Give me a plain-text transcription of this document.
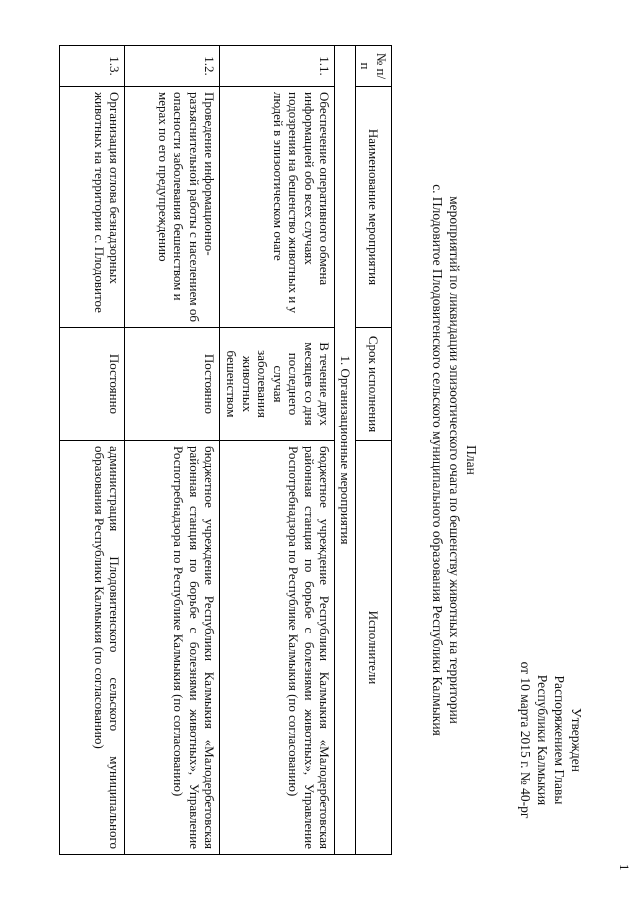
Утвержден
Распоряжением Главы
Республики Калмыкия
от 10 марта 2015 г. № 40-рг
План
мероприятий по ликвидации эпизоотического очага по бешенству животных на территории
с. Плодовитое Плодовитенского сельского муниципального образования Республики Калмыкия
№ п/п	Наименование мероприятия	Срок исполнения	Исполнители
1. Организационные мероприятия			
1.1.	Обеспечение оперативного обмена информацией обо всех случаях подозрения на бешенство животных и у людей в эпизоотическом очаге	В течение двух месяцев со дня последнего случая заболевания животных бешенством	бюджетное учреждение Республики Калмыкия «Малодербетовская районная станция по борьбе с болезнями животных», Управление Роспотребнадзора по Республике Калмыкия (по согласованию)
1.2.	Проведение информационно-разъяснительной работы с населением об опасности заболевания бешенством и мерах по его предупреждению	Постоянно	бюджетное учреждение Республики Калмыкия «Малодербетовская районная станция по борьбе с болезнями животных», Управление Роспотребнадзора по Республике Калмыкия (по согласованию)
1.3.	Организация отлова безнадзорных животных на территории с. Плодовитое	Постоянно	администрация Плодовитенского сельского муниципального образования Республики Калмыкия (по согласованию)
1
